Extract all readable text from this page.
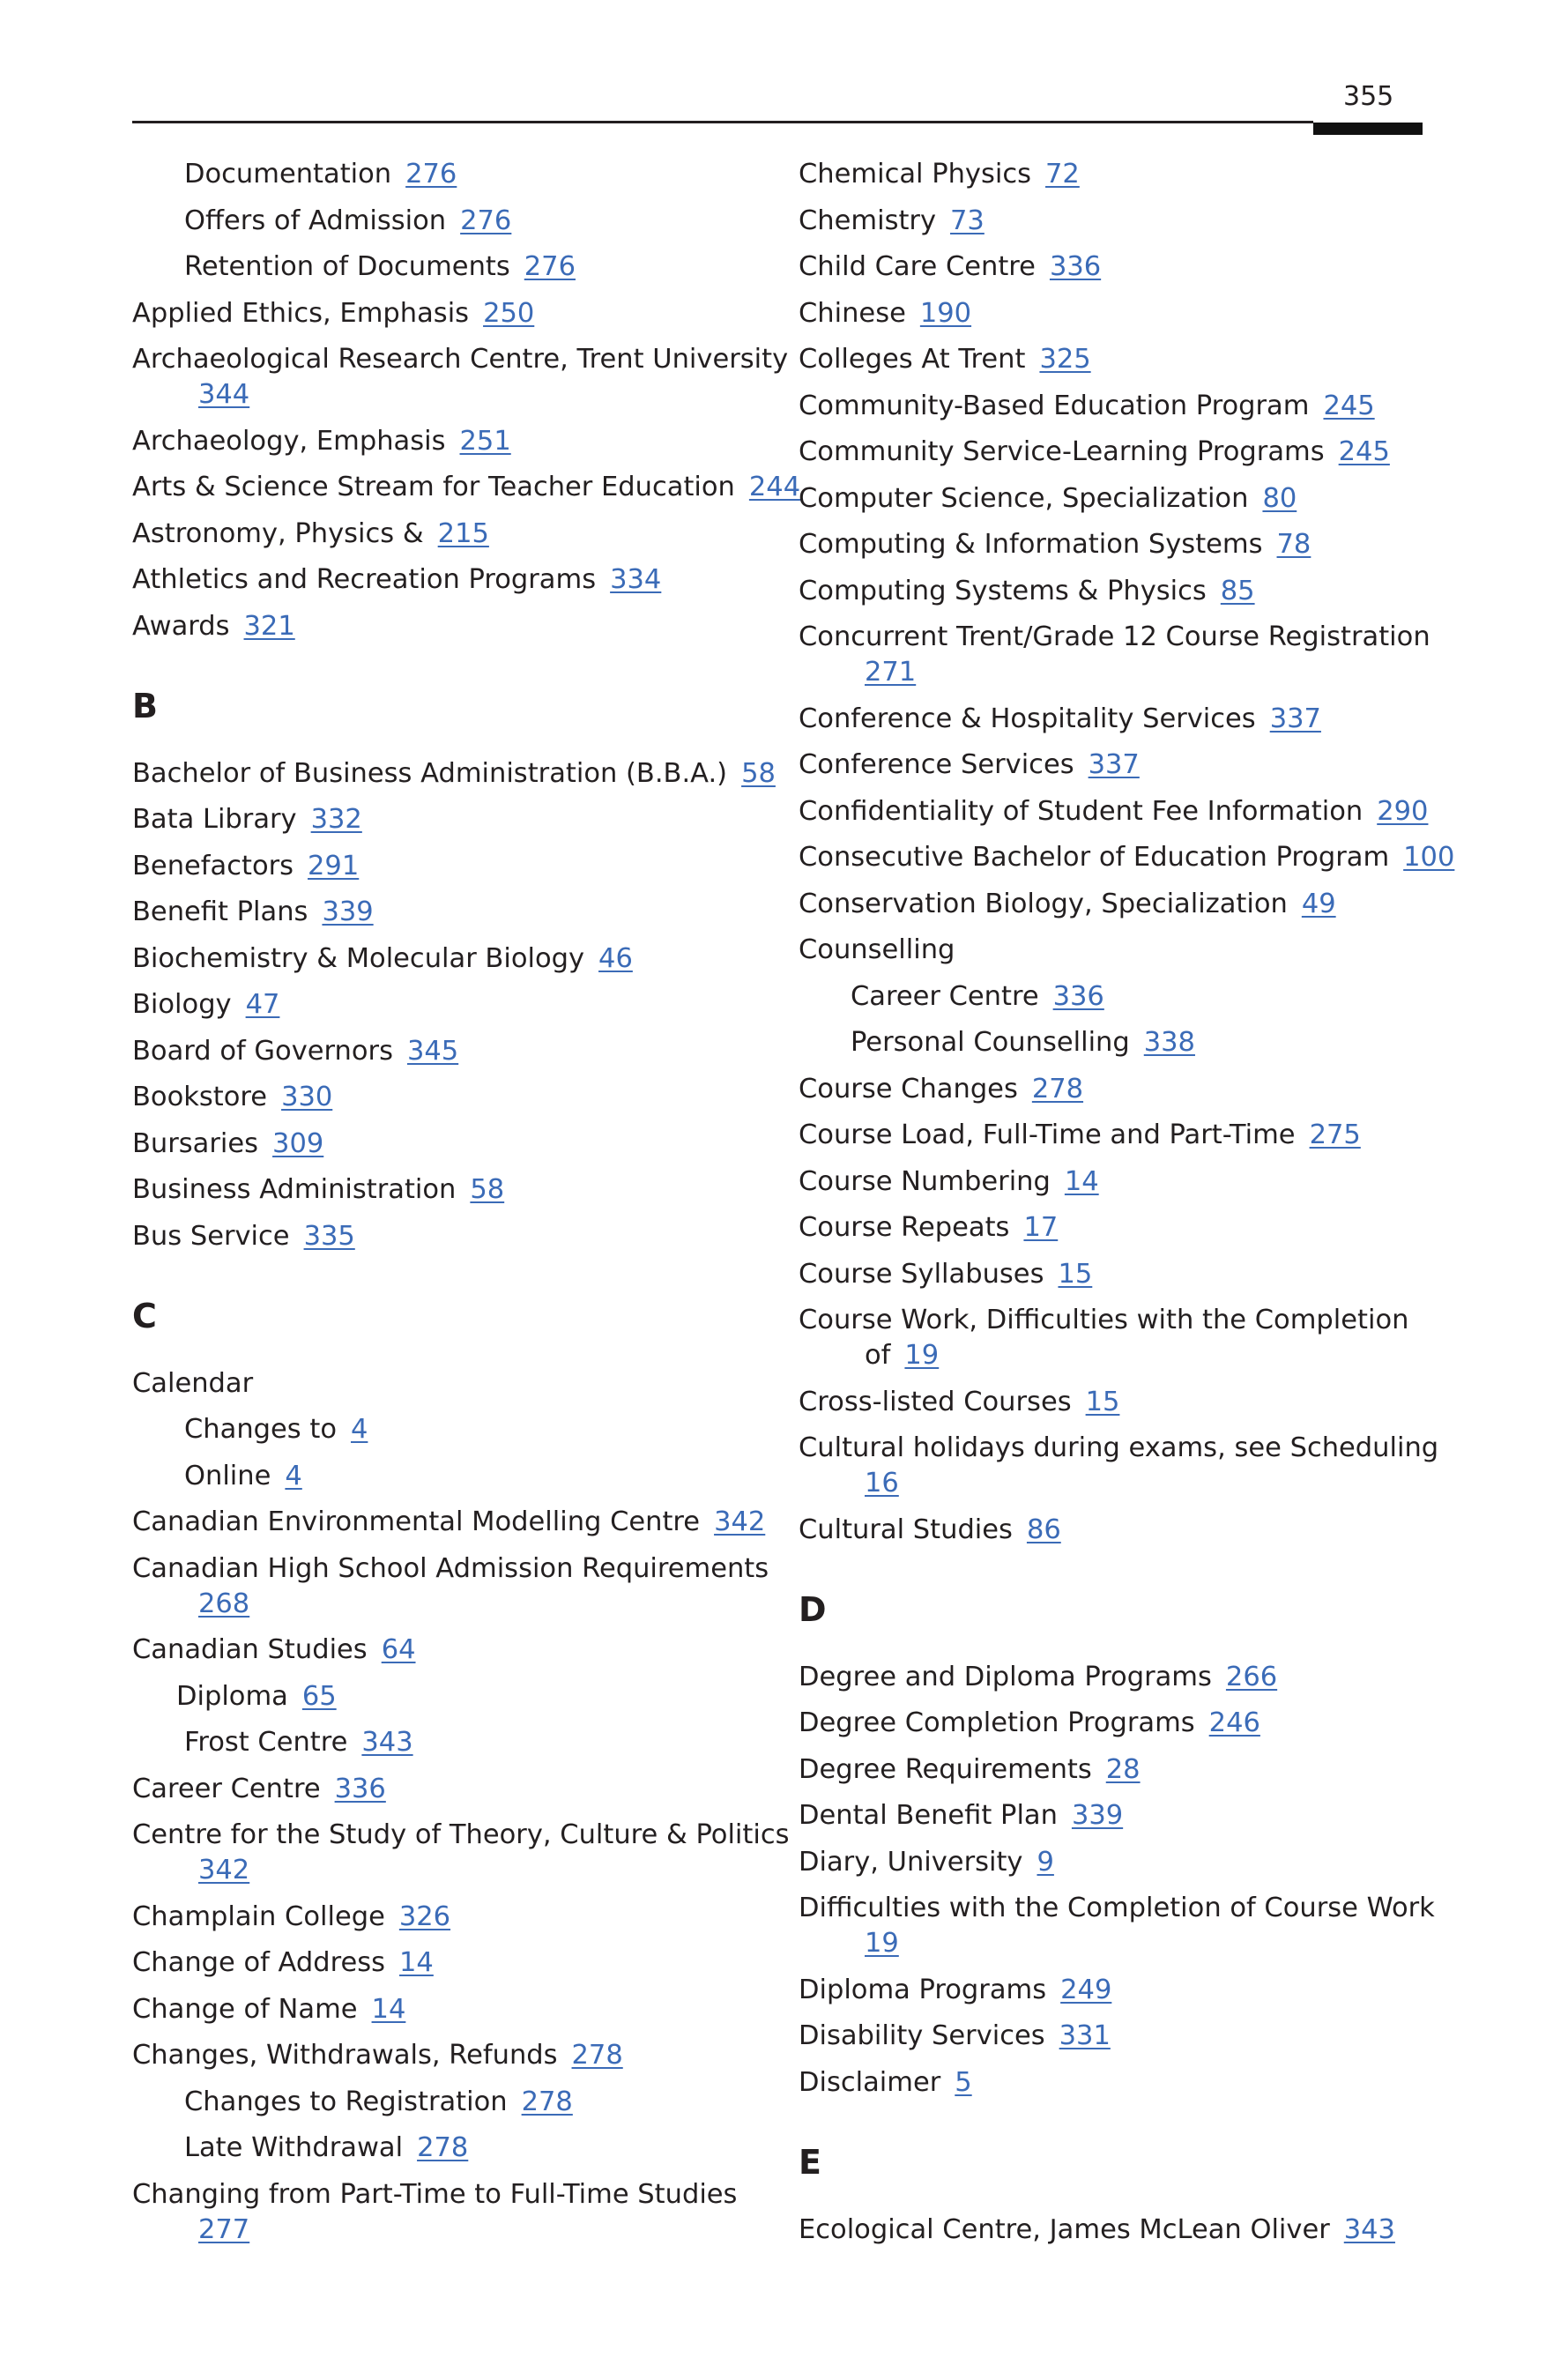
355
Documentation 276
Offers of Admission 276
Retention of Documents 276
Applied Ethics, Emphasis 250
Archaeological Research Centre, Trent University
344
Archaeology, Emphasis 251
Arts & Science Stream for Teacher Education 244
Astronomy, Physics & 215
Athletics and Recreation Programs 334
Awards 321
B
Bachelor of Business Administration (B.B.A.) 58
Bata Library 332
Benefactors 291
Benefit Plans 339
Biochemistry & Molecular Biology 46
Biology 47
Board of Governors 345
Bookstore 330
Bursaries 309
Business Administration 58
Bus Service 335
C
Calendar
Changes to 4
Online 4
Canadian Environmental Modelling Centre 342
Canadian High School Admission Requirements
268
Canadian Studies 64
Diploma 65
Frost Centre 343
Career Centre 336
Centre for the Study of Theory, Culture & Politics
342
Champlain College 326
Change of Address 14
Change of Name 14
Changes, Withdrawals, Refunds 278
Changes to Registration 278
Late Withdrawal 278
Changing from Part-Time to Full-Time Studies
277
Chemical Physics 72
Chemistry 73
Child Care Centre 336
Chinese 190
Colleges At Trent 325
Community-Based Education Program 245
Community Service-Learning Programs 245
Computer Science, Specialization 80
Computing & Information Systems 78
Computing Systems & Physics 85
Concurrent Trent/Grade 12 Course Registration
271
Conference & Hospitality Services 337
Conference Services 337
Confidentiality of Student Fee Information 290
Consecutive Bachelor of Education Program 100
Conservation Biology, Specialization 49
Counselling
Career Centre 336
Personal Counselling 338
Course Changes 278
Course Load, Full-Time and Part-Time 275
Course Numbering 14
Course Repeats 17
Course Syllabuses 15
Course Work, Difficulties with the Completion
of 19
Cross-listed Courses 15
Cultural holidays during exams, see Scheduling
16
Cultural Studies 86
D
Degree and Diploma Programs 266
Degree Completion Programs 246
Degree Requirements 28
Dental Benefit Plan 339
Diary, University 9
Difficulties with the Completion of Course Work
19
Diploma Programs 249
Disability Services 331
Disclaimer 5
E
Ecological Centre, James McLean Oliver 343
